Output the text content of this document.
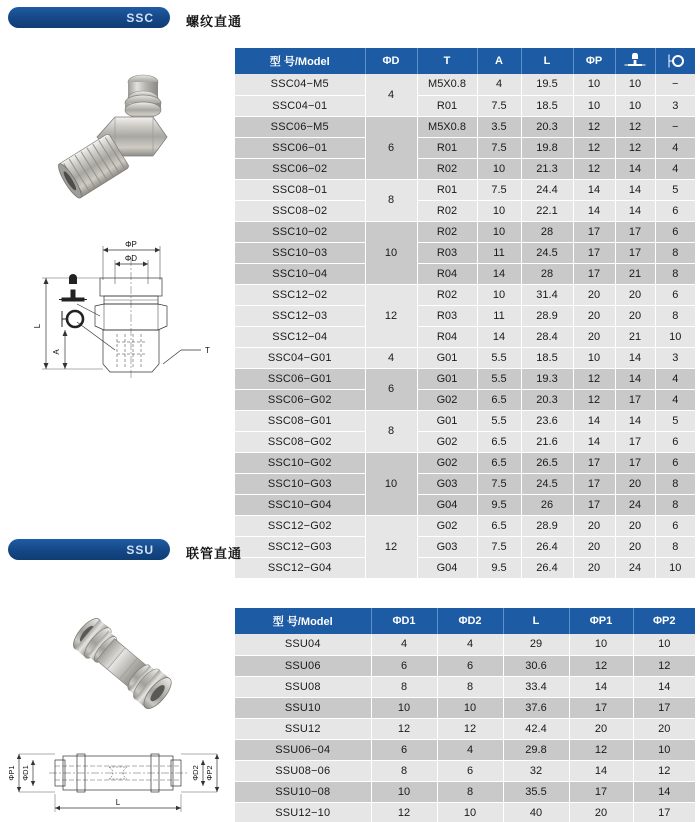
SSC 螺纹直通
ΦP
ΦD
L
A	T
型 号/Model	ΦD	T	A	L	ΦP		
SSC04−M5	4	M5X0.8	4	19.5	10	10	−
SSC04−01		R01	7.5	18.5	10	10	3
SSC06−M5	6	M5X0.8	3.5	20.3	12	12	−
SSC06−01		R01	7.5	19.8	12	12	4
SSC06−02		R02	10	21.3	12	14	4
SSC08−01	8	R01	7.5	24.4	14	14	5
SSC08−02		R02	10	22.1	14	14	6
SSC10−02	10	R02	10	28	17	17	6
SSC10−03		R03	11	24.5	17	17	8
SSC10−04		R04	14	28	17	21	8
SSC12−02	12	R02	10	31.4	20	20	6
SSC12−03		R03	11	28.9	20	20	8
SSC12−04		R04	14	28.4	20	21	10
SSC04−G01	4	G01	5.5	18.5	10	14	3
SSC06−G01	6	G01	5.5	19.3	12	14	4
SSC06−G02		G02	6.5	20.3	12	17	4
SSC08−G01	8	G01	5.5	23.6	14	14	5
SSC08−G02		G02	6.5	21.6	14	17	6
SSC10−G02	10	G02	6.5	26.5	17	17	6
SSC10−G03		G03	7.5	24.5	17	20	8
SSC10−G04		G04	9.5	26	17	24	8
SSC12−G02	12	G02	6.5	28.9	20	20	6
SSC12−G03		G03	7.5	26.4	20	20	8
SSC12−G04		G04	9.5	26.4	20	24	10
SSU 联管直通
ΦP1 ΦD1	ΦD2 ΦP2
L
型 号/Model	ΦD1	ΦD2	L	ΦP1	ΦP2
SSU04	4	4	29	10	10
SSU06	6	6	30.6	12	12
SSU08	8	8	33.4	14	14
SSU10	10	10	37.6	17	17
SSU12	12	12	42.4	20	20
SSU06−04	6	4	29.8	12	10
SSU08−06	8	6	32	14	12
SSU10−08	10	8	35.5	17	14
SSU12−10	12	10	40	20	17
